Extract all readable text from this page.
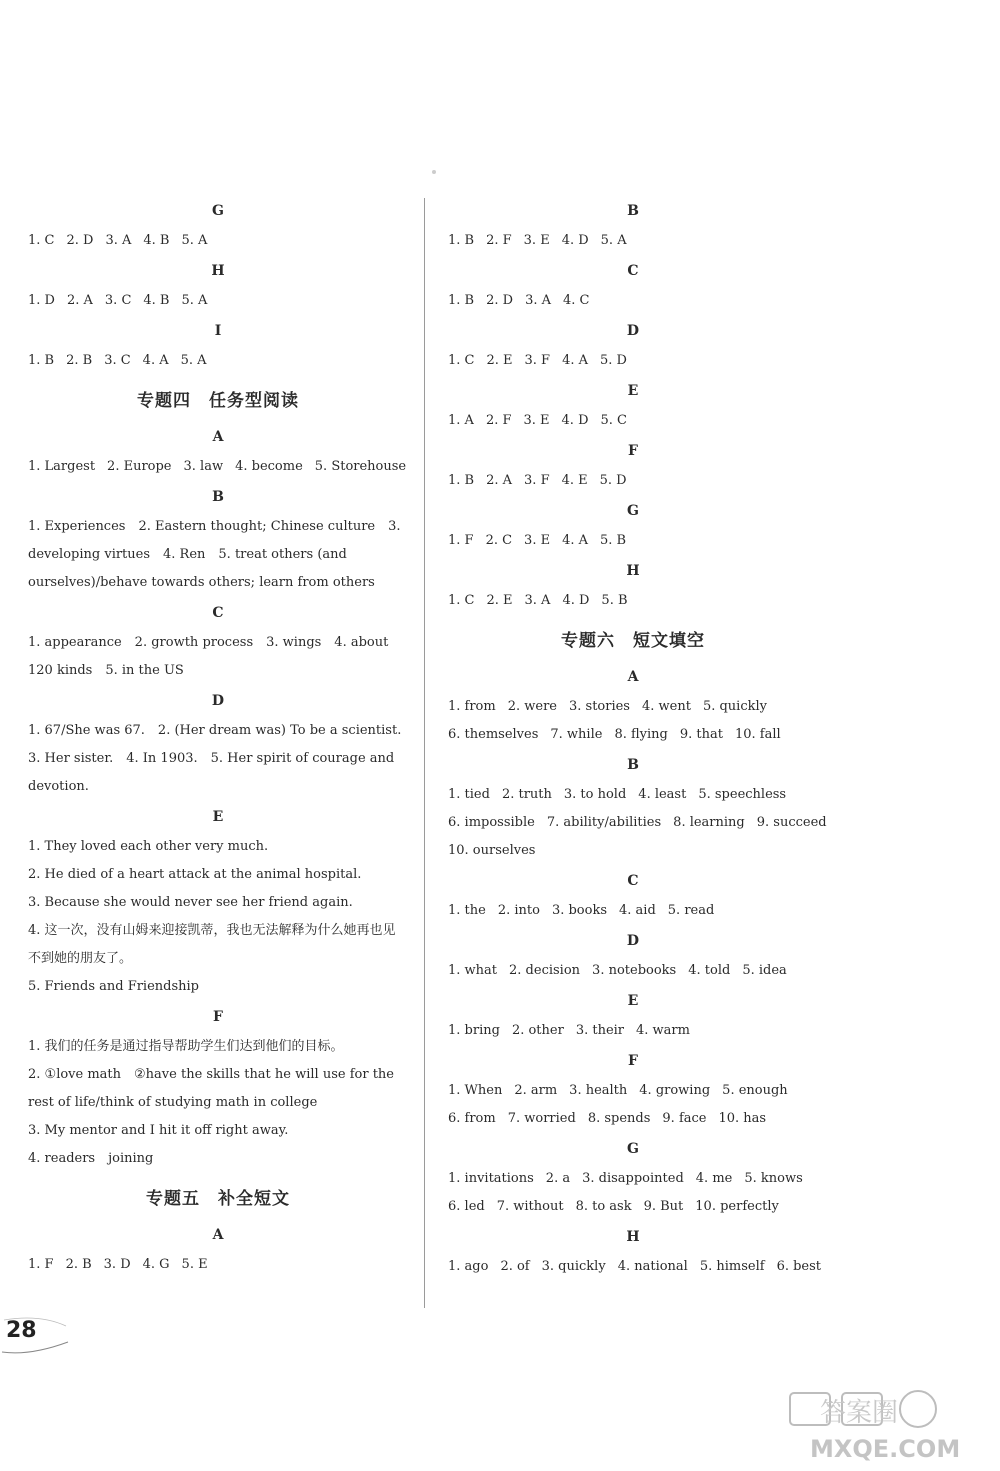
G
1. C 2. D 3. A 4. B 5. A
H
1. D 2. A 3. C 4. B 5. A
I
1. B 2. B 3. C 4. A 5. A
专题四　任务型阅读
A
1. Largest 2. Europe 3. law 4. become 5. Storehouse
B

1. Experiences　2. Eastern thought; Chinese culture　3. developing virtues　4. Ren　5. treat others (and ourselves)/behave towards others; learn from others

C

1. appearance　2. growth process　3. wings　4. about 120 kinds　5. in the US

D

1. 67/She was 67.　2. (Her dream was) To be a scientist.　3. Her sister.　4. In 1903.　5. Her spirit of courage and devotion.

E

1. They loved each other very much.

2. He died of a heart attack at the animal hospital.

3. Because she would never see her friend again.

4. 这一次，没有山姆来迎接凯蒂，我也无法解释为什么她再也见不到她的朋友了。

5. Friends and Friendship

F

1. 我们的任务是通过指导帮助学生们达到他们的目标。

2. ①love math　②have the skills that he will use for the rest of life/think of studying math in college

3. My mentor and I hit it off right away.

4. readers　joining

专题五　补全短文
A
1. F 2. B 3. D 4. G 5. E
B
1. B 2. F 3. E 4. D 5. A
C
1. B 2. D 3. A 4. C
D
1. C 2. E 3. F 4. A 5. D
E
1. A 2. F 3. E 4. D 5. C
F
1. B 2. A 3. F 4. E 5. D
G
1. F 2. C 3. E 4. A 5. B
H
1. C 2. E 3. A 4. D 5. B
专题六　短文填空
A
1. from 2. were 3. stories 4. went 5. quickly
6. themselves 7. while 8. flying 9. that 10. fall
B
1. tied 2. truth 3. to hold 4. least 5. speechless
6. impossible 7. ability/abilities 8. learning 9. succeed
10. ourselves
C
1. the 2. into 3. books 4. aid 5. read
D
1. what 2. decision 3. notebooks 4. told 5. idea
E
1. bring 2. other 3. their 4. warm
F
1. When 2. arm 3. health 4. growing 5. enough
6. from 7. worried 8. spends 9. face 10. has
G
1. invitations 2. a 3. disappointed 4. me 5. knows
6. led 7. without 8. to ask 9. But 10. perfectly
H
1. ago 2. of 3. quickly 4. national 5. himself 6. best
28
答案圈
MXQE.COM
